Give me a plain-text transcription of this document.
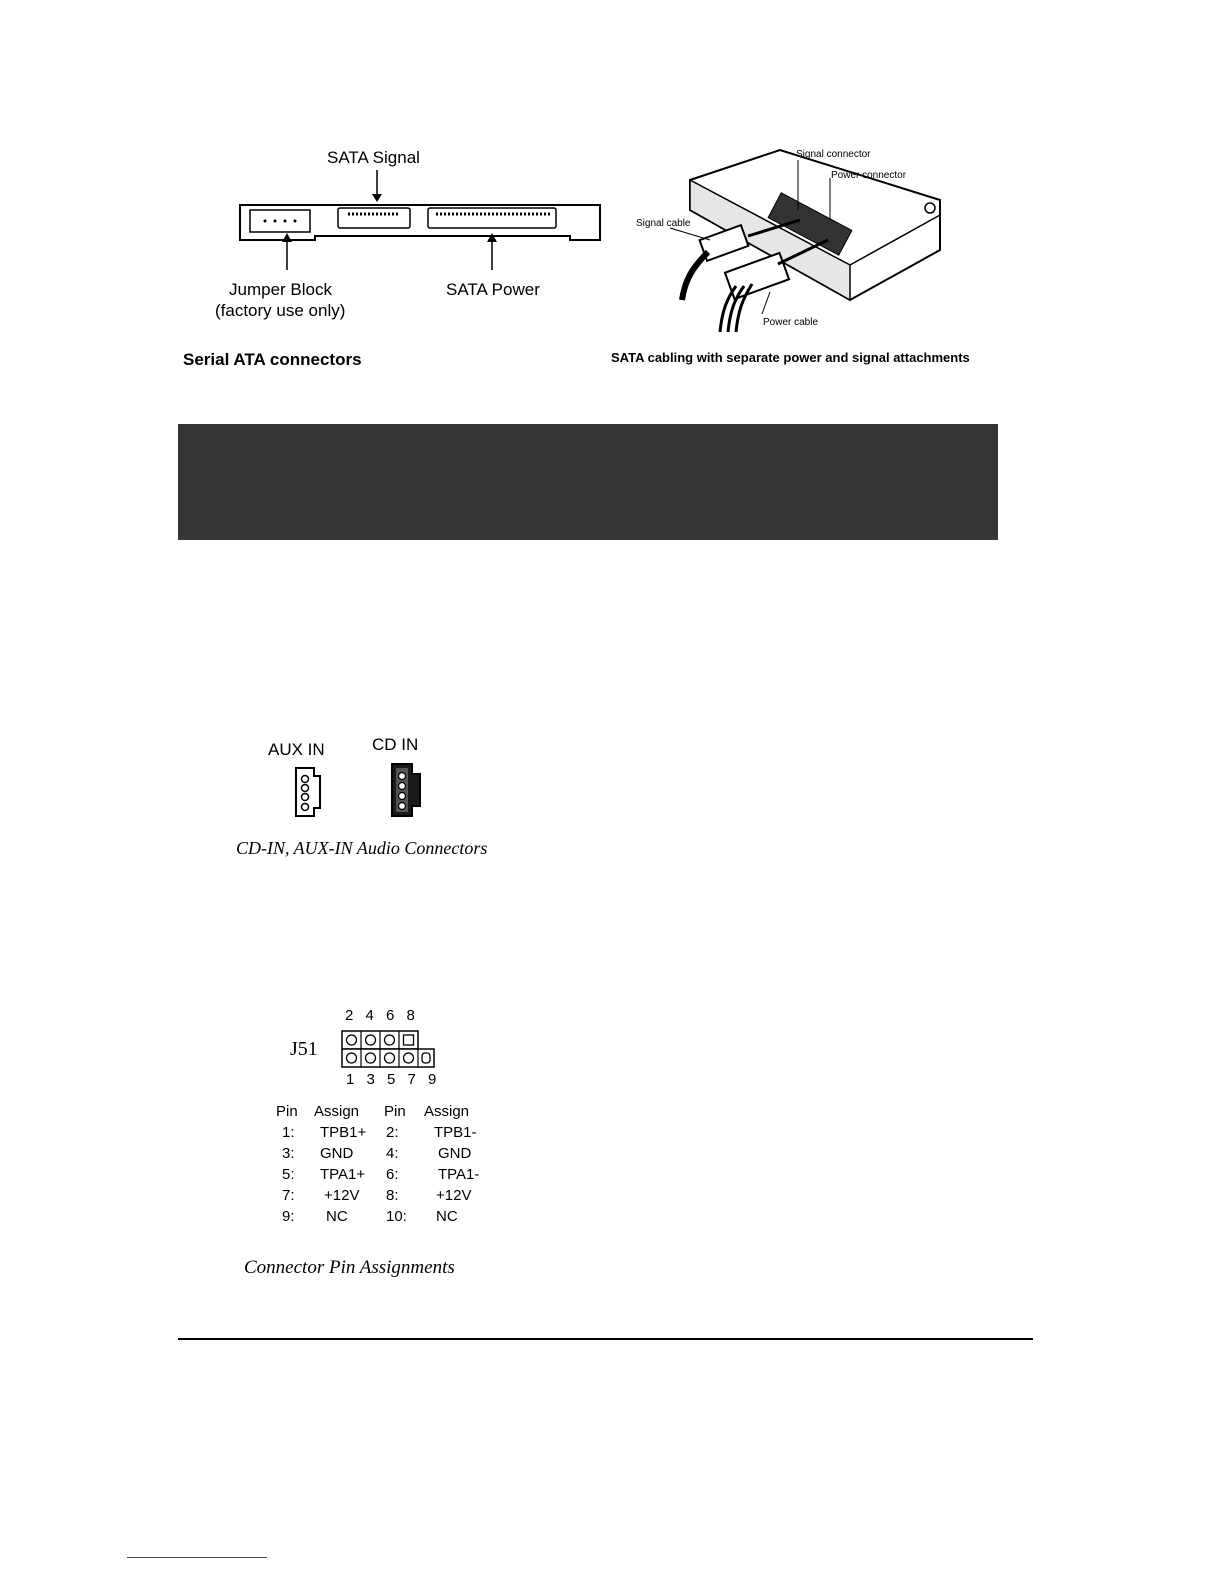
SATA Signal
Jumper Block
(factory use only)
SATA Power
Serial ATA connectors
Signal connector
Power connector
Signal cable
Power cable
SATA cabling with separate power and signal attachments
AUX IN	CD IN
CD-IN, AUX-IN Audio Connectors
2 4 6 8
J51
1 3 5 7 9
Pin	Assign	Pin	Assign
1:	TPB1+	2:	TPB1-
3:	GND	4:	GND
5:	TPA1+	6:	TPA1-
7:	+12V	8:	+12V
9:	NC	10:	NC
Connector Pin Assignments
